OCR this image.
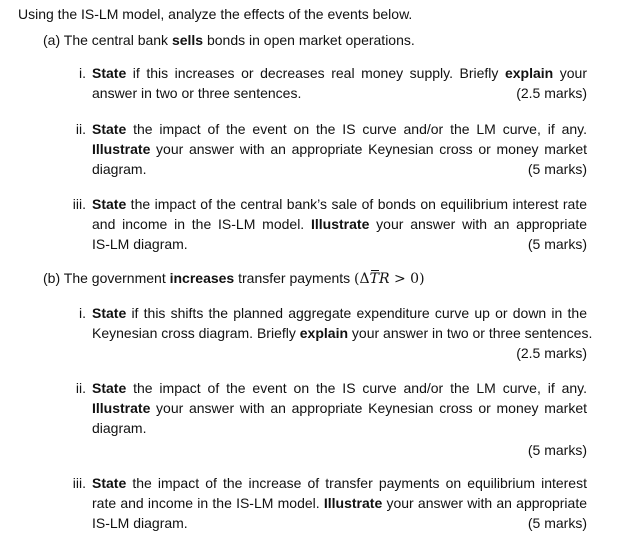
Using the IS-LM model, analyze the effects of the events below.
(a) The central bank sells bonds in open market operations.
i. State if this increases or decreases real money supply. Briefly explain your
answer in two or three sentences.	(2.5 marks)
ii. State the impact of the event on the IS curve and/or the LM curve, if any.
Illustrate your answer with an appropriate Keynesian cross or money market
diagram.	(5 marks)
iii. State the impact of the central bank’s sale of bonds on equilibrium interest rate
and income in the IS-LM model. Illustrate your answer with an appropriate
IS-LM diagram.	(5 marks)
(b) The government increases transfer payments (ΔTR > 0)
i. State if this shifts the planned aggregate expenditure curve up or down in the
Keynesian cross diagram. Briefly explain your answer in two or three sentences.
(2.5 marks)
ii. State the impact of the event on the IS curve and/or the LM curve, if any.
Illustrate your answer with an appropriate Keynesian cross or money market
diagram.
(5 marks)
iii. State the impact of the increase of transfer payments on equilibrium interest
rate and income in the IS-LM model. Illustrate your answer with an appropriate
IS-LM diagram.	(5 marks)
